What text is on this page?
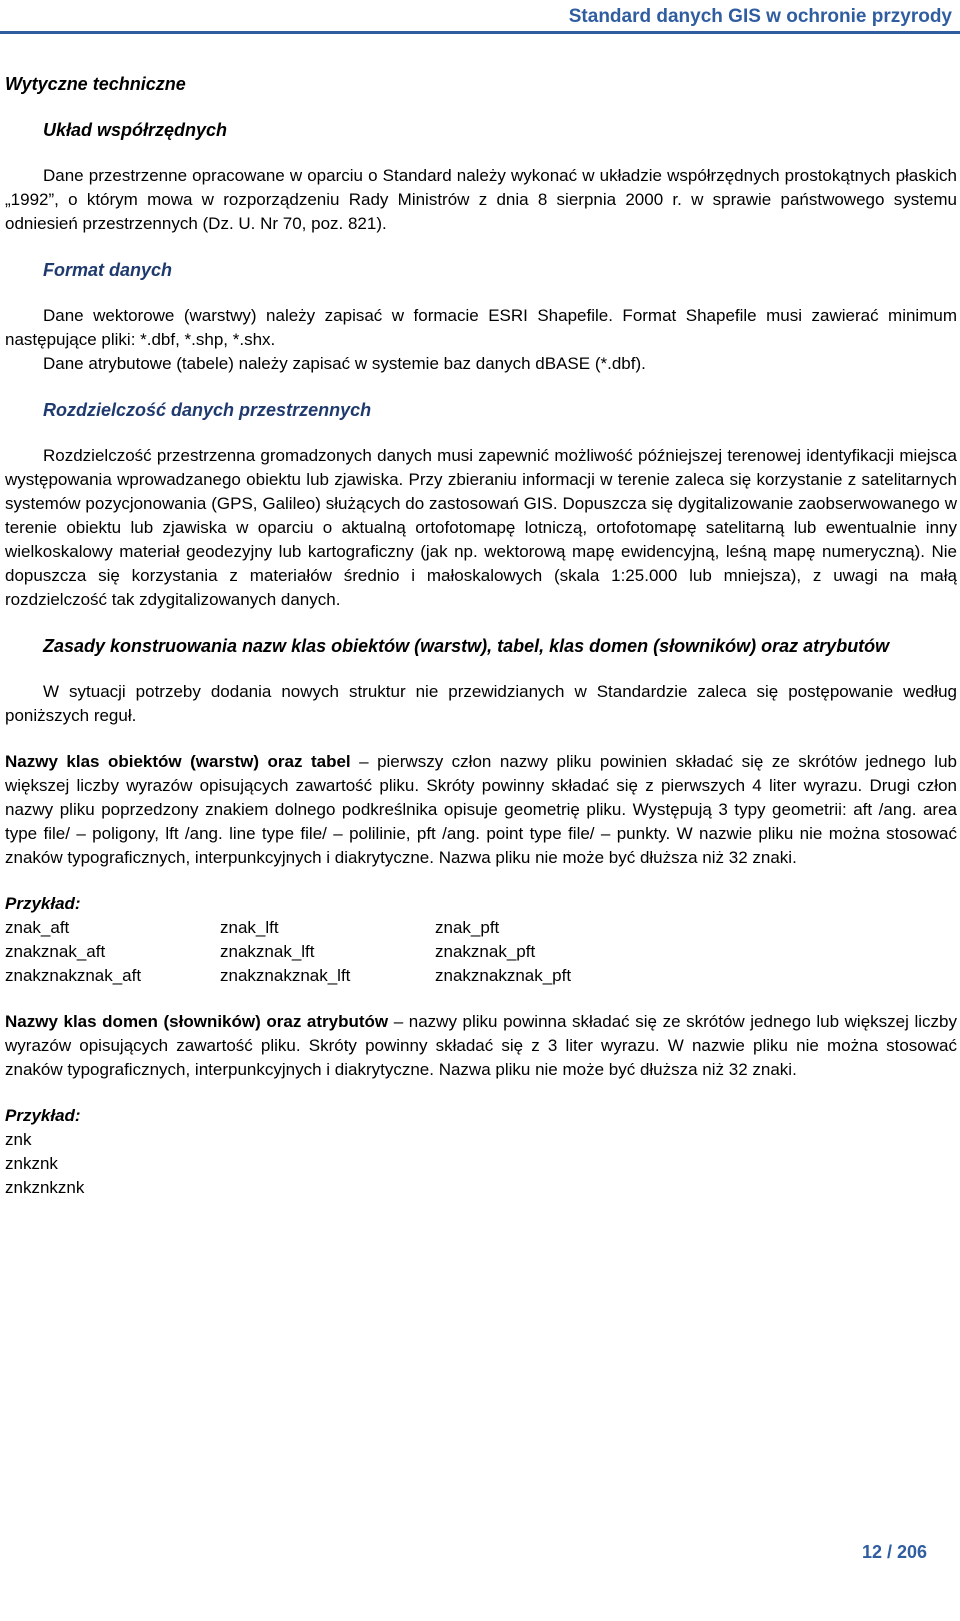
Standard danych GIS w ochronie przyrody
Wytyczne techniczne
Układ współrzędnych

Dane przestrzenne opracowane w oparciu o Standard należy wykonać w układzie współrzędnych prostokątnych płaskich „1992”, o którym mowa w rozporządzeniu Rady Ministrów z dnia 8 sierpnia 2000 r. w sprawie państwowego systemu odniesień przestrzennych (Dz. U. Nr 70, poz. 821).

Format danych

Dane wektorowe (warstwy) należy zapisać w formacie ESRI Shapefile. Format Shapefile musi zawierać minimum następujące pliki: *.dbf, *.shp, *.shx.

Dane atrybutowe (tabele) należy zapisać w systemie baz danych dBASE (*.dbf).

Rozdzielczość danych przestrzennych

Rozdzielczość przestrzenna gromadzonych danych musi zapewnić możliwość późniejszej terenowej identyfikacji miejsca występowania wprowadzanego obiektu lub zjawiska. Przy zbieraniu informacji w terenie zaleca się korzystanie z satelitarnych systemów pozycjonowania (GPS, Galileo) służących do zastosowań GIS. Dopuszcza się dygitalizowanie zaobserwowanego w terenie obiektu lub zjawiska w oparciu o aktualną ortofotomapę lotniczą, ortofotomapę satelitarną lub ewentualnie inny wielkoskalowy materiał geodezyjny lub kartograficzny (jak np. wektorową mapę ewidencyjną, leśną mapę numeryczną). Nie dopuszcza się korzystania z materiałów średnio i małoskalowych (skala 1:25.000 lub mniejsza), z uwagi na małą rozdzielczość tak zdygitalizowanych danych.

Zasady konstruowania nazw klas obiektów (warstw), tabel, klas domen (słowników) oraz atrybutów

W sytuacji potrzeby dodania nowych struktur nie przewidzianych w Standardzie zaleca się postępowanie według poniższych reguł.

Nazwy klas obiektów (warstw) oraz tabel – pierwszy człon nazwy pliku powinien składać się ze skrótów jednego lub większej liczby wyrazów opisujących zawartość pliku. Skróty powinny składać się z pierwszych 4 liter wyrazu. Drugi człon nazwy pliku poprzedzony znakiem dolnego podkreślnika opisuje geometrię pliku. Występują 3 typy geometrii: aft /ang. area type file/ – poligony, lft /ang. line type file/ – polilinie, pft /ang. point type file/ – punkty. W nazwie pliku nie można stosować znaków typograficznych, interpunkcyjnych i diakrytyczne. Nazwa pliku nie może być dłuższa niż 32 znaki.

Przykład:
znak_aft	znak_lft	znak_pft
znakznak_aft	znakznak_lft	znakznak_pft
znakznakznak_aft	znakznakznak_lft	znakznakznak_pft

Nazwy klas domen (słowników) oraz atrybutów – nazwy pliku powinna składać się ze skrótów jednego lub większej liczby wyrazów opisujących zawartość pliku. Skróty powinny składać się z 3 liter wyrazu. W nazwie pliku nie można stosować znaków typograficznych, interpunkcyjnych i diakrytyczne. Nazwa pliku nie może być dłuższa niż 32 znaki.

Przykład:
znk
znkznk
znkznkznk
12 / 206
